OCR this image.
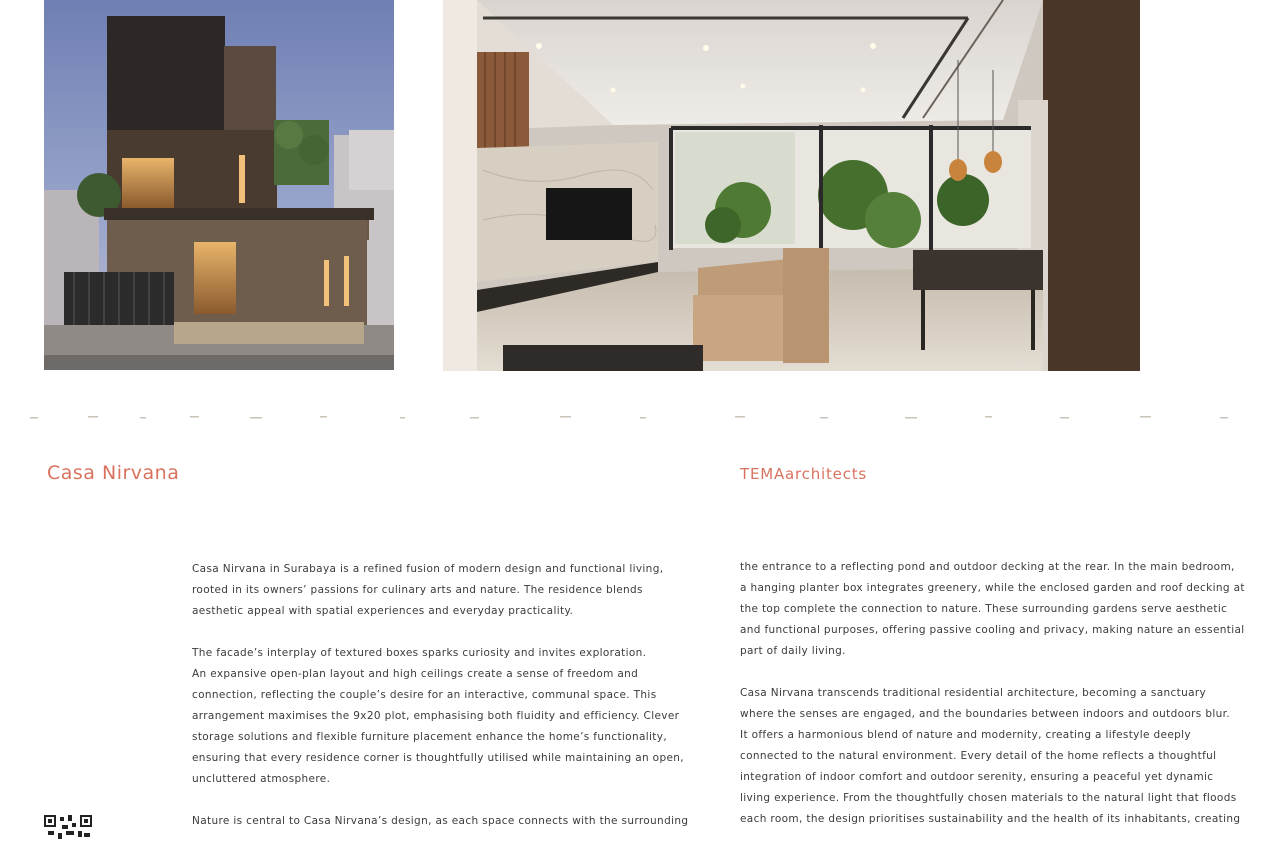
Casa Nirvana	TEMAarchitects

Casa Nirvana in Surabaya is a refined fusion of modern design and functional living,
rooted in its owners’ passions for culinary arts and nature. The residence blends
aesthetic appeal with spatial experiences and everyday practicality.

The facade’s interplay of textured boxes sparks curiosity and invites exploration.
An expansive open-plan layout and high ceilings create a sense of freedom and
connection, reflecting the couple’s desire for an interactive, communal space. This
arrangement maximises the 9x20 plot, emphasising both fluidity and efficiency. Clever
storage solutions and flexible furniture placement enhance the home’s functionality,
ensuring that every residence corner is thoughtfully utilised while maintaining an open,
uncluttered atmosphere.

Nature is central to Casa Nirvana’s design, as each space connects with the surrounding

the entrance to a reflecting pond and outdoor decking at the rear. In the main bedroom,
a hanging planter box integrates greenery, while the enclosed garden and roof decking at
the top complete the connection to nature. These surrounding gardens serve aesthetic
and functional purposes, offering passive cooling and privacy, making nature an essential
part of daily living.

Casa Nirvana transcends traditional residential architecture, becoming a sanctuary
where the senses are engaged, and the boundaries between indoors and outdoors blur.
It offers a harmonious blend of nature and modernity, creating a lifestyle deeply
connected to the natural environment. Every detail of the home reflects a thoughtful
integration of indoor comfort and outdoor serenity, ensuring a peaceful yet dynamic
living experience. From the thoughtfully chosen materials to the natural light that floods
each room, the design prioritises sustainability and the health of its inhabitants, creating
